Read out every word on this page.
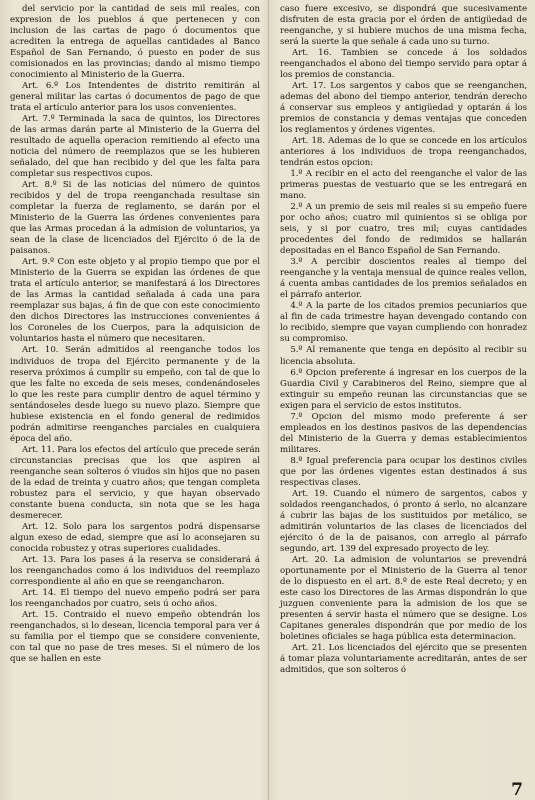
del servicio por la cantidad de seis mil reales, con expresion de los pueblos á que pertenecen y con inclusion de las cartas de pago ó documentos que acrediten la entrega de aquellas cantidades al Banco Español de San Fernando, ó puesto en poder de sus comisionados en las provincias; dando al mismo tiempo conocimiento al Ministerio de la Guerra.

Art. 6.º Los Intendentes de distrito remitirán al general militar las cartas ó documentos de pago de que trata el artículo anterior para los usos convenientes.

Art. 7.º Terminada la saca de quintos, los Directores de las armas darán parte al Ministerio de la Guerra del resultado de aquella operacion remitiendo al efecto una noticia del número de reemplazos que se les hubieren señalado, del que han recibido y del que les falta para completar sus respectivos cupos.

Art. 8.º Si de las noticias del número de quintos recibidos y del de tropa reenganchada resultase sin completar la fuerza de reglamento, se darán por el Ministerio de la Guerra las órdenes convenientes para que las Armas procedan á la admision de voluntarios, ya sean de la clase de licenciados del Ejército ó de la de paisanos.

Art. 9.º Con este objeto y al propio tiempo que por el Ministerio de la Guerra se expidan las órdenes de que trata el artículo anterior, se manifestará á los Directores de las Armas la cantidad señalada á cada una para reemplazar sus bajas, á fin de que con este conocimiento den dichos Directores las instrucciones convenientes á los Coroneles de los Cuerpos, para la adquisicion de voluntarios hasta el número que necesitaren.

Art. 10. Serán admitidos al reenganche todos los individuos de tropa del Ejército permanente y de la reserva próximos á cumplir su empeño, con tal de que lo que les falte no exceda de seis meses, condenándoseles lo que les reste para cumplir dentro de aquel término y sentándoseles desde luego su nuevo plazo. Siempre que hubiese existencia en el fondo general de redimidos podrán admitirse reenganches parciales en cualquiera época del año.

Art. 11. Para los efectos del artículo que precede serán circunstancias precisas que los que aspiren al reenganche sean solteros ó viudos sin hijos que no pasen de la edad de treinta y cuatro años; que tengan completa robustez para el servicio, y que hayan observado constante buena conducta, sin nota que se les haga desmerecer.

Art. 12. Solo para los sargentos podrá dispensarse algun exeso de edad, siempre que así lo aconsejaren su conocida robustez y otras superiores cualidades.

Art. 13. Para los pases á la reserva se considerará á los reenganchados como á los individuos del reemplazo correspondiente al año en que se reengancharon.

Art. 14. El tiempo del nuevo empeño podrá ser para los reenganchados por cuatro, seis ú ocho años.

Art. 15. Contraido el nuevo empeño obtendrán los reenganchados, si lo desean, licencia temporal para ver á su familia por el tiempo que se considere conveniente, con tal que no pase de tres meses. Si el número de los que se hallen en este

caso fuere excesivo, se dispondrá que sucesivamente disfruten de esta gracia por el órden de antigüedad de reenganche, y si hubiere muchos de una misma fecha, será la suerte la que señale á cada uno su turno.

Art. 16. Tambien se concede á los soldados reenganchados el abono del tiempo servido para optar á los premios de constancia.

Art. 17. Los sargentos y cabos que se reenganchen, ademas del abono del tiempo anterior, tendrán derecho á conservar sus empleos y antigüedad y optarán á los premios de constancia y demas ventajas que conceden los reglamentos y órdenes vigentes.

Art. 18. Ademas de lo que se concede en los artículos anteriores á los individuos de tropa reenganchados, tendrán estos opcion:

1.º A recibir en el acto del reenganche el valor de las primeras puestas de vestuario que se les entregará en mano.

2.º A un premio de seis mil reales si su empeño fuere por ocho años; cuatro mil quinientos si se obliga por seis, y si por cuatro, tres mil; cuyas cantidades procedentes del fondo de redimidos se hallarán depositadas en el Banco Español de San Fernando.

3.º A percibir doscientos reales al tiempo del reenganche y la ventaja mensual de quince reales vellon, á cuenta ambas cantidades de los premios señalados en el párrafo anterior.

4.º A la parte de los citados premios pecuniarios que al fin de cada trimestre hayan devengado contando con lo recibido, siempre que vayan cumpliendo con honradez su compromiso.

5.º Al remanente que tenga en depósito al recibir su licencia absoluta.

6.º Opcion preferente á ingresar en los cuerpos de la Guardia Civil y Carabineros del Reino, siempre que al extinguir su empeño reunan las circunstancias que se exigen para el servicio de estos institutos.

7.º Opcion del mismo modo preferente á ser empleados en los destinos pasivos de las dependencias del Ministerio de la Guerra y demas establecimientos militares.

8.º Igual preferencia para ocupar los destinos civiles que por las órdenes vigentes estan destinados á sus respectivas clases.

Art. 19. Cuando el número de sargentos, cabos y soldados reenganchados, ó pronto á serlo, no alcanzare á cubrir las bajas de los sustituidos por metálico, se admitirán voluntarios de las clases de licenciados del ejército ó de la de paisanos, con arreglo al párrafo segundo, art. 139 del expresado proyecto de ley.

Art. 20. La admision de voluntarios se prevendrá oportunamente por el Ministerio de la Guerra al tenor de lo dispuesto en el art. 8.º de este Real decreto; y en este caso los Directores de las Armas dispondrán lo que juzguen conveniente para la admision de los que se presenten á servir hasta el número que se designe. Los Capitanes generales dispondrán que por medio de los boletines oficiales se haga pública esta determinacion.

Art. 21. Los licenciados del ejército que se presenten á tomar plaza voluntariamente acreditarán, antes de ser admitidos, que son solteros ó

7
